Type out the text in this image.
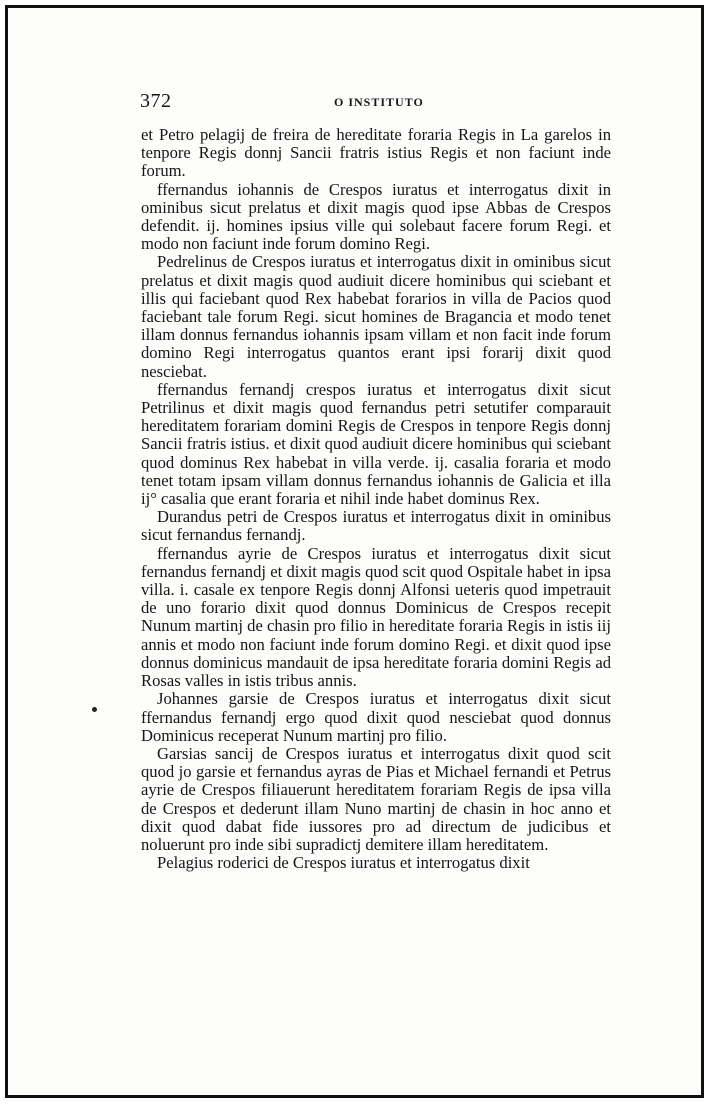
372	O INSTITUTO

et Petro pelagij de freira de hereditate foraria Regis in La garelos in tenpore Regis donnj Sancii fratris istius Regis et non faciunt inde forum.

ffernandus iohannis de Crespos iuratus et interrogatus dixit in ominibus sicut prelatus et dixit magis quod ipse Abbas de Crespos defendit. ij. homines ipsius ville qui solebaut facere forum Regi. et modo non faciunt inde forum domino Regi.

Pedrelinus de Crespos iuratus et interrogatus dixit in ominibus sicut prelatus et dixit magis quod audiuit dicere hominibus qui sciebant et illis qui faciebant quod Rex habebat forarios in villa de Pacios quod faciebant tale forum Regi. sicut homines de Bragancia et modo tenet illam donnus fernandus iohannis ipsam villam et non facit inde forum domino Regi interrogatus quantos erant ipsi forarij dixit quod nesciebat.

ffernandus fernandj crespos iuratus et interrogatus dixit sicut Petrilinus et dixit magis quod fernandus petri setutifer comparauit hereditatem forariam domini Regis de Crespos in tenpore Regis donnj Sancii fratris istius. et dixit quod audiuit dicere hominibus qui sciebant quod dominus Rex habebat in villa verde. ij. casalia foraria et modo tenet totam ipsam villam donnus fernandus iohannis de Galicia et illa ij° casalia que erant foraria et nihil inde habet dominus Rex.

Durandus petri de Crespos iuratus et interrogatus dixit in ominibus sicut fernandus fernandj.

ffernandus ayrie de Crespos iuratus et interrogatus dixit sicut fernandus fernandj et dixit magis quod scit quod Ospitale habet in ipsa villa. i. casale ex tenpore Regis donnj Alfonsi ueteris quod impetrauit de uno forario dixit quod donnus Dominicus de Crespos recepit Nunum martinj de chasin pro filio in hereditate foraria Regis in istis iij annis et modo non faciunt inde forum domino Regi. et dixit quod ipse donnus dominicus mandauit de ipsa hereditate foraria domini Regis ad Rosas valles in istis tribus annis.

Johannes garsie de Crespos iuratus et interrogatus dixit sicut ffernandus fernandj ergo quod dixit quod nesciebat quod donnus Dominicus receperat Nunum martinj pro filio.

Garsias sancij de Crespos iuratus et interrogatus dixit quod scit quod jo garsie et fernandus ayras de Pias et Michael fernandi et Petrus ayrie de Crespos filiauerunt hereditatem forariam Regis de ipsa villa de Crespos et dederunt illam Nuno martinj de chasin in hoc anno et dixit quod dabat fide iussores pro ad directum de judicibus et noluerunt pro inde sibi supradictj demitere illam hereditatem.

Pelagius roderici de Crespos iuratus et interrogatus dixit
